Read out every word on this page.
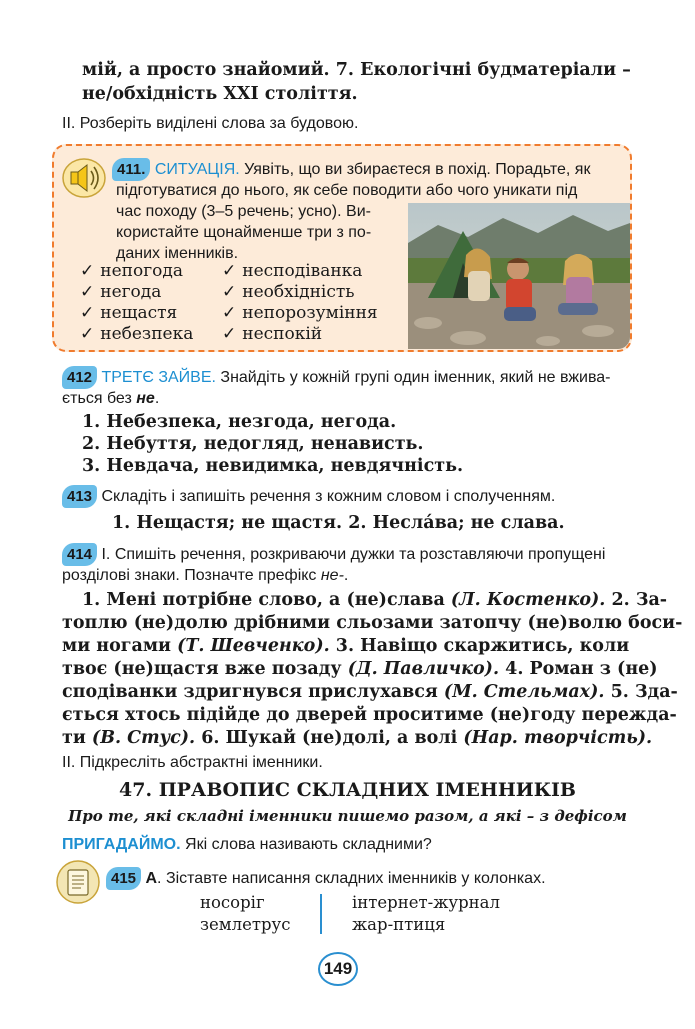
мій, а просто знайомий. 7. Екологічні будматеріали –
не/обхідність XXI століття.
II. Розберіть виділені слова за будовою.
411. СИТУАЦІЯ. Уявіть, що ви збираєтеся в похід. Порадьте, як
підготуватися до нього, як себе поводити або чого уникати під
час походу (3–5 речень; усно). Ви-
користайте щонайменше три з по-
даних іменників.
✓ непогода
✓ негода
✓ нещастя
✓ небезпека
✓ несподіванка
✓ необхідність
✓ непорозуміння
✓ неспокій
412 ТРЕТЄ ЗАЙВЕ. Знайдіть у кожній групі один іменник, який не вжива-
ється без не.
1. Небезпека, незгода, негода.
2. Небуття, недогляд, ненависть.
3. Невдача, невидимка, невдячність.
413 Складіть і запишіть речення з кожним словом і сполученням.
1. Нещастя; не щастя. 2. Неслáва; не слава.
414 I. Спишіть речення, розкриваючи дужки та розставляючи пропущені
розділові знаки. Позначте префікс не-.
1. Мені потрібне слово, а (не)слава (Л. Костенко). 2. За-
топлю (не)долю дрібними сльозами затопчу (не)волю боси-
ми ногами (Т. Шевченко). 3. Навіщо скаржитись, коли
твоє (не)щастя вже позаду (Д. Павличко). 4. Роман з (не)
сподіванки здригнувся прислухався (М. Стельмах). 5. Зда-
ється хтось підійде до дверей проситиме (не)году пережда-
ти (В. Стус). 6. Шукай (не)долі, а волі (Нар. творчість).
II. Підкресліть абстрактні іменники.
47. ПРАВОПИС СКЛАДНИХ ІМЕННИКІВ
Про те, які складні іменники пишемо разом, а які – з дефісом
ПРИГАДАЙМО. Які слова називають складними?
415 А. Зіставте написання складних іменників у колонках.
носоріг
землетрус
інтернет-журнал
жар-птиця
149
